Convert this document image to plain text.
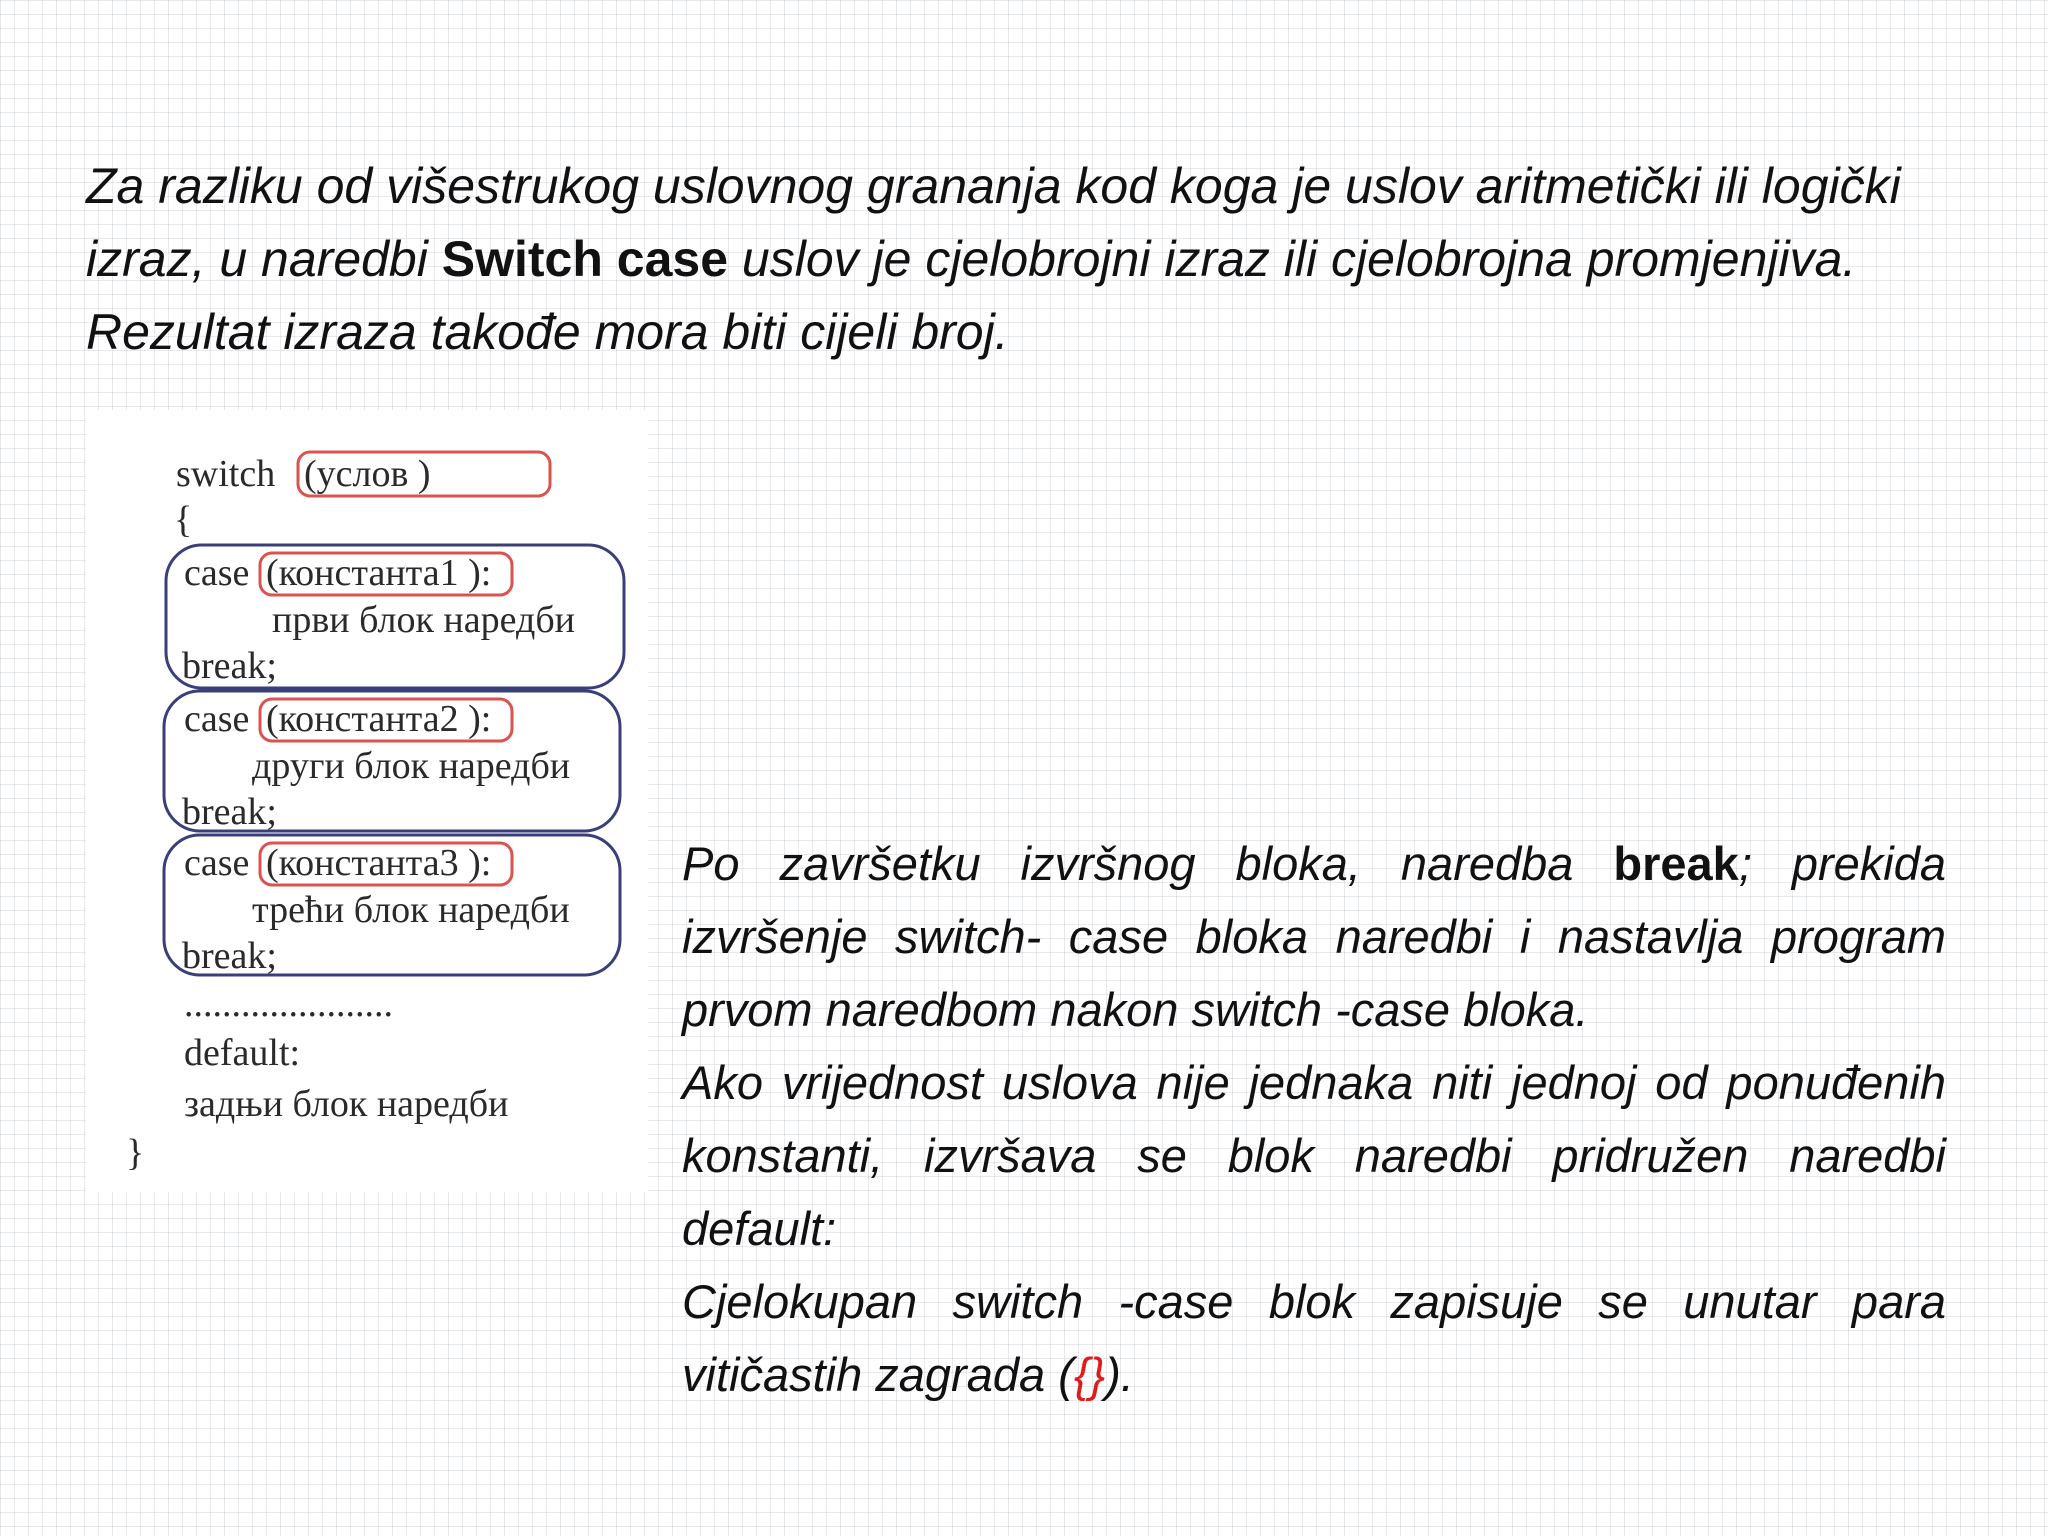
Za razliku od višestrukog uslovnog grananja kod koga je uslov aritmetički ili logički izraz, u naredbi Switch case uslov je cjelobrojni izraz ili cjelobrojna promjenjiva. Rezultat izraza takođe mora biti cijeli broj.

switch (услов )
{
case (константа1 ):
први блок наредби
break;
case (константа2 ):
други блок наредби
break;
case (константа3 ):
трећи блок наредби
break;
......................
default:
задњи блок наредби
}

Po završetku izvršnog bloka, naredba break; prekida izvršenje switch- case bloka naredbi i nastavlja program prvom naredbom nakon switch -case bloka.

Ako vrijednost uslova nije jednaka niti jednoj od ponuđenih konstanti, izvršava se blok naredbi pridružen naredbi default:

Cjelokupan switch -case blok zapisuje se unutar para vitičastih zagrada ({}).
